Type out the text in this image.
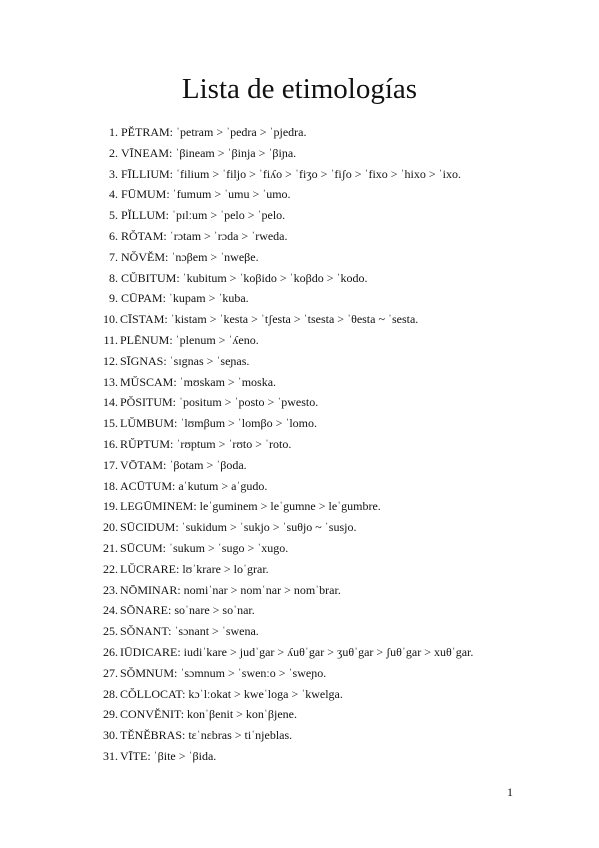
Lista de etimologías
1. PĔTRAM: ˈpetram > ˈpedra > ˈpjedra.
2. VĪNEAM: ˈβineam > ˈβinja > ˈβiɲa.
3. FĪLLIUM: ˈfilium > ˈfiljo > ˈfiʎo > ˈfiʒo > ˈfiʃo > ˈfixo > ˈhixo > ˈixo.
4. FŪMUM: ˈfumum > ˈumu > ˈumo.
5. PĬLLUM: ˈpɪlːum > ˈpelo > ˈpelo.
6. RŎTAM: ˈrɔtam > ˈrɔda > ˈrweda.
7. NŎVĔM: ˈnɔβem > ˈnweβe.
8. CŬBITUM: ˈkubitum > ˈkoβido > ˈkoβdo > ˈkodo.
9. CŪPAM: ˈkupam > ˈkuba.
10. CĪSTAM: ˈkistam > ˈkesta > ˈtʃesta > ˈtsesta > ˈθesta ~ ˈsesta.
11. PLĒNUM: ˈplenum > ˈʎeno.
12. SĪGNAS: ˈsɪgnas > ˈseɲas.
13. MŬSCAM: ˈmʊskam > ˈmoska.
14. PŎSITUM: ˈpositum > ˈposto > ˈpwesto.
15. LŬMBUM: ˈlʊmβum > ˈlomβo > ˈlomo.
16. RŬPTUM: ˈrʊptum > ˈrʊto > ˈroto.
17. VŌTAM: ˈβotam > ˈβoda.
18. ACŪTUM: aˈkutum > aˈgudo.
19. LEGŪMINEM: leˈguminem > leˈgumne > leˈgumbre.
20. SŪCIDUM: ˈsukidum > ˈsukjo > ˈsuθjo ~ ˈsusjo.
21. SŪCUM: ˈsukum > ˈsugo > ˈxugo.
22. LŬCRARE: lʊˈkrare > loˈgrar.
23. NŌMINAR: nomiˈnar > nomˈnar > nomˈbrar.
24. SŌNARE: soˈnare > soˈnar.
25. SŎNANT: ˈsɔnant > ˈswena.
26. IŪDICARE: iudiˈkare > judˈgar > ʎuθˈgar > ʒuθˈgar > ʃuθˈgar > xuθˈgar.
27. SŎMNUM: ˈsɔmnum > ˈswenːo > ˈsweɲo.
28. CŎLLOCAT: kɔˈlːokat > kweˈloga > ˈkwelga.
29. CONVĔNIT: konˈβenit > konˈβjene.
30. TĔNĔBRAS: tɛˈnɛbras > tiˈnjeblas.
31. VĪTE: ˈβite > ˈβida.
1
